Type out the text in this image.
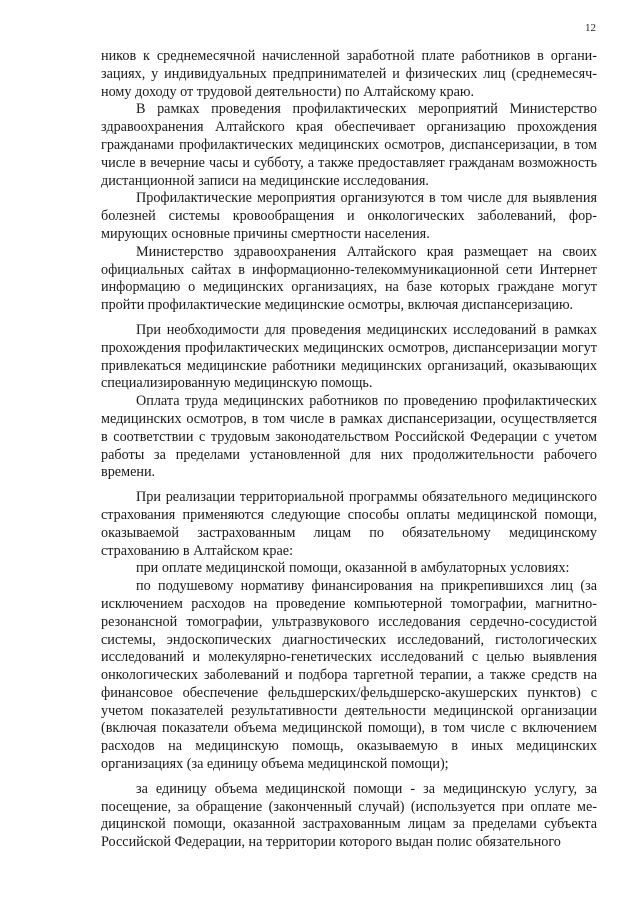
12

ников к среднемесячной начисленной заработной плате работников в организациях, у индивидуальных предпринимателей и физических лиц (среднемесячному доходу от трудовой деятельности) по Алтайскому краю.

В рамках проведения профилактических мероприятий Министерство здравоохранения Алтайского края обеспечивает организацию прохождения гражданами профилактических медицинских осмотров, диспансеризации, в том числе в вечерние часы и субботу, а также предоставляет гражданам возможность дистанционной записи на медицинские исследования.

Профилактические мероприятия организуются в том числе для выявления болезней системы кровообращения и онкологических заболеваний, формирующих основные причины смертности населения.

Министерство здравоохранения Алтайского края размещает на своих официальных сайтах в информационно-телекоммуникационной сети Интернет информацию о медицинских организациях, на базе которых граждане могут пройти профилактические медицинские осмотры, включая диспансеризацию.

При необходимости для проведения медицинских исследований в рамках прохождения профилактических медицинских осмотров, диспансеризации могут привлекаться медицинские работники медицинских организаций, оказывающих специализированную медицинскую помощь.

Оплата труда медицинских работников по проведению профилактических медицинских осмотров, в том числе в рамках диспансеризации, осуществляется в соответствии с трудовым законодательством Российской Федерации с учетом работы за пределами установленной для них продолжительности рабочего времени.

При реализации территориальной программы обязательного медицинского страхования применяются следующие способы оплаты медицинской помощи, оказываемой застрахованным лицам по обязательному медицинскому страхованию в Алтайском крае:

при оплате медицинской помощи, оказанной в амбулаторных условиях:

по подушевому нормативу финансирования на прикрепившихся лиц (за исключением расходов на проведение компьютерной томографии, магнитнорезонансной томографии, ультразвукового исследования сердечно-сосудистой системы, эндоскопических диагностических исследований, гистологических исследований и молекулярно-генетических исследований с целью выявления онкологических заболеваний и подбора таргетной терапии, а также средств на финансовое обеспечение фельдшерских/фельдшерско-акушерских пунктов) с учетом показателей результативности деятельности медицинской организации (включая показатели объема медицинской помощи), в том числе с включением расходов на медицинскую помощь, оказываемую в иных медицинских организациях (за единицу объема медицинской помощи);

за единицу объема медицинской помощи - за медицинскую услугу, за посещение, за обращение (законченный случай) (используется при оплате медицинской помощи, оказанной застрахованным лицам за пределами субъекта Российской Федерации, на территории которого выдан полис обязательного
